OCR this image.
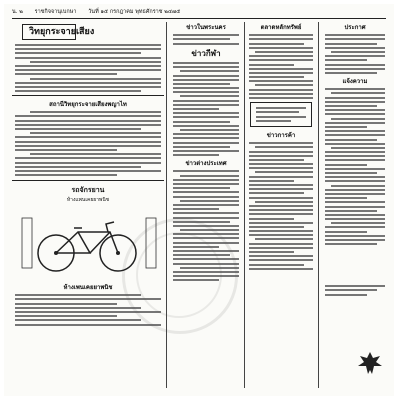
น. ๒ ราชกิจจานุเบกษา วันที่ ๑๕ กรกฎาคม พุทธศักราช ๒๔๗๕
วิทยุกระจายเสียง
สถานีวิทยุกระจายเสียงพญาไท
รถจักรยาน
ห้างแพนเคยยาพนิช
ห้างเพนเคยยาพนิช
ข่าวในพระนคร
ข่าวกีฬา
ข่าวต่างประเทศ
ตลาดหลักทรัพย์
ข่าวการค้า
ประกาศ
แจ้งความ
